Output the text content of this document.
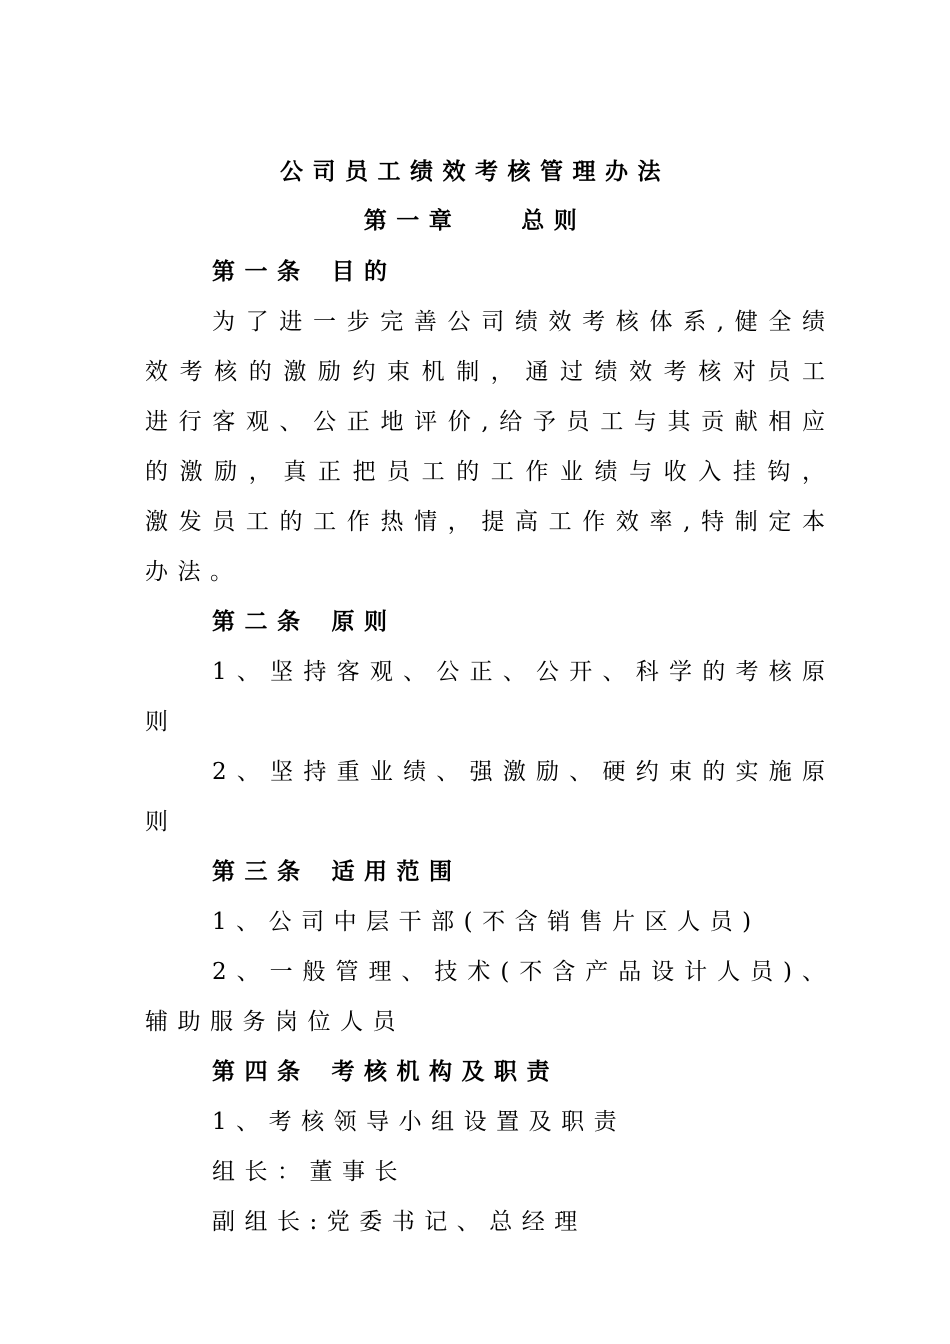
公司员工绩效考核管理办法
第一章	总则
第一条 目的
为了进一步完善公司绩效考核体系,健全绩
效考核的激励约束机制，通过绩效考核对员工
进行客观、公正地评价,给予员工与其贡献相应
的激励，真正把员工的工作业绩与收入挂钩，
激发员工的工作热情，提高工作效率,特制定本
办法。
第二条 原则
1、坚持客观、公正、公开、科学的考核原
则
2、坚持重业绩、强激励、硬约束的实施原
则
第三条 适用范围
1、公司中层干部(不含销售片区人员)
2、一般管理、技术(不含产品设计人员)、
辅助服务岗位人员
第四条 考核机构及职责
1、考核领导小组设置及职责
组长：董事长
副组长:党委书记、总经理
